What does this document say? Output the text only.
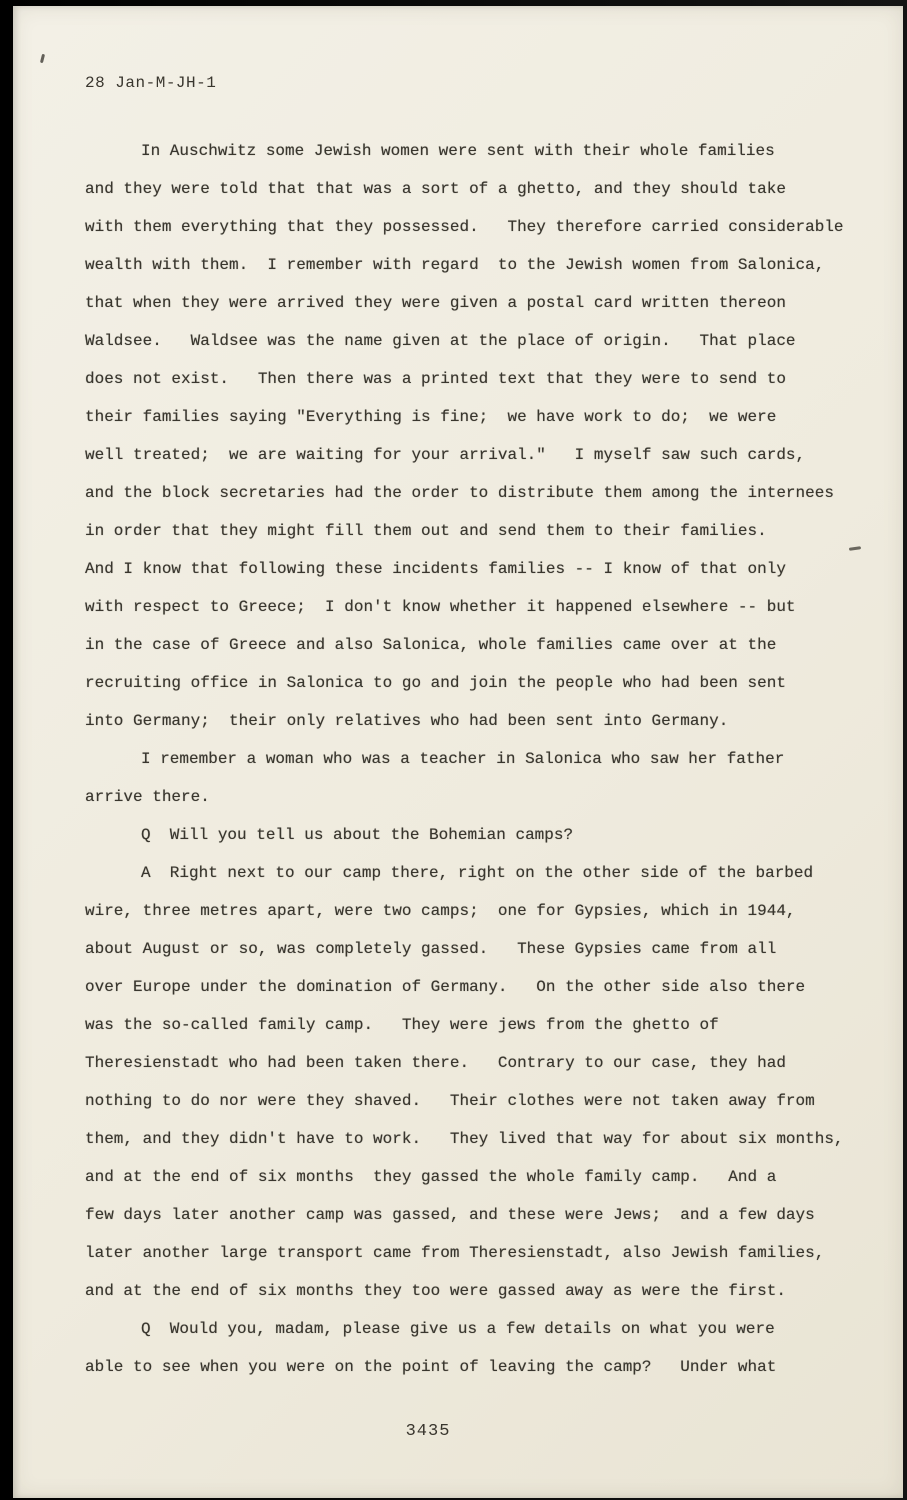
28 Jan-M-JH-1
In Auschwitz some Jewish women were sent with their whole families
and they were told that that was a sort of a ghetto, and they should take
with them everything that they possessed.   They therefore carried considerable
wealth with them.  I remember with regard  to the Jewish women from Salonica,
that when they were arrived they were given a postal card written thereon
Waldsee.   Waldsee was the name given at the place of origin.   That place
does not exist.   Then there was a printed text that they were to send to
their families saying "Everything is fine;  we have work to do;  we were
well treated;  we are waiting for your arrival."   I myself saw such cards,
and the block secretaries had the order to distribute them among the internees
in order that they might fill them out and send them to their families.
And I know that following these incidents families -- I know of that only
with respect to Greece;  I don't know whether it happened elsewhere -- but
in the case of Greece and also Salonica, whole families came over at the
recruiting office in Salonica to go and join the people who had been sent
into Germany;  their only relatives who had been sent into Germany.
I remember a woman who was a teacher in Salonica who saw her father
arrive there.
Q  Will you tell us about the Bohemian camps?
A  Right next to our camp there, right on the other side of the barbed
wire, three metres apart, were two camps;  one for Gypsies, which in 1944,
about August or so, was completely gassed.   These Gypsies came from all
over Europe under the domination of Germany.   On the other side also there
was the so-called family camp.   They were jews from the ghetto of
Theresienstadt who had been taken there.   Contrary to our case, they had
nothing to do nor were they shaved.   Their clothes were not taken away from
them, and they didn't have to work.   They lived that way for about six months,
and at the end of six months  they gassed the whole family camp.   And a
few days later another camp was gassed, and these were Jews;  and a few days
later another large transport came from Theresienstadt, also Jewish families,
and at the end of six months they too were gassed away as were the first.
Q  Would you, madam, please give us a few details on what you were
able to see when you were on the point of leaving the camp?   Under what
3435
